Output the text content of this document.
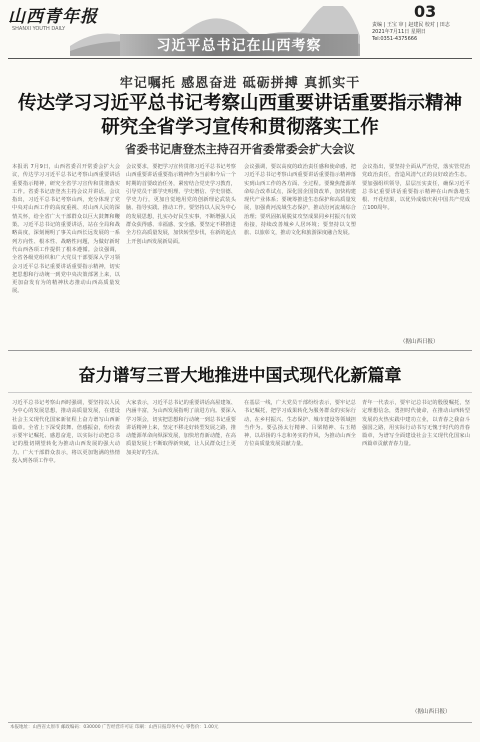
山西青年报
SHANXI YOUTH DAILY
习近平总书记在山西考察
03
责编 | 王宝 审 | 赵建民 校对 | 田志
2021年7月11日 星期日
Tel:0351-4375666
牢记嘱托 感恩奋进 砥砺拼搏 真抓实干
传达学习习近平总书记考察山西重要讲话重要指示精神
研究全省学习宣传和贯彻落实工作
省委书记唐登杰主持召开省委常委会扩大会议
本报讯 7月9日，山西省委召开常委会扩大会议，传达学习习近平总书记考察山西重要讲话重要指示精神，研究全省学习宣传和贯彻落实工作。省委书记唐登杰主持会议并讲话。会议指出，习近平总书记考察山西，充分体现了党中央对山西工作的高度重视、对山西人民的深情关怀，给全省广大干部群众以巨大鼓舞和鞭策。习近平总书记的重要讲话，站在全局和战略高度，深刻阐明了事关山西长远发展的一系列方向性、根本性、战略性问题，为做好新时代山西各项工作提供了根本遵循。会议强调，全省各级党组织和广大党员干部要深入学习领会习近平总书记重要讲话重要指示精神，切实把思想和行动统一到党中央决策部署上来，以更加奋发有为的精神状态推动山西高质量发展。
会议要求，要把学习宣传贯彻习近平总书记考察山西重要讲话重要指示精神作为当前和今后一个时期的首要政治任务，紧密结合党史学习教育，引导党员干部学史明理、学史增信、学史崇德、学史力行，更加自觉地用党的创新理论武装头脑、指导实践、推动工作。要坚持以人民为中心的发展思想，扎实办好民生实事，不断增强人民群众获得感、幸福感、安全感。要坚定不移推进全方位高质量发展，加快转型步伐，在新的起点上开创山西发展新局面。
会议强调，要以高度的政治责任感和使命感，把习近平总书记考察山西重要讲话重要指示精神落实到山西工作的各方面、全过程。要聚焦能源革命综合改革试点，深化国企国资改革，加快构建现代产业体系；要统筹推进生态保护和高质量发展，加强黄河流域生态保护，推动汾河流域综合治理；要巩固拓展脱贫攻坚成果同乡村振兴有效衔接，持续改善城乡人居环境；要坚持以文塑旅、以旅彰文，推动文化和旅游深度融合发展。
会议指出，要坚持全面从严治党，落实管党治党政治责任，营造风清气正的良好政治生态。要加强组织领导，层层压实责任，确保习近平总书记重要讲话重要指示精神在山西落地生根、开花结果，以优异成绩庆祝中国共产党成立100周年。
（据山西日报）
奋力谱写三晋大地推进中国式现代化新篇章
习近平总书记考察山西时强调，要坚持以人民为中心的发展思想，推动高质量发展，在建设社会主义现代化国家新征程上奋力谱写山西新篇章。全省上下深受鼓舞、倍感振奋，纷纷表示要牢记嘱托、感恩奋进，以实际行动把总书记的殷切期望转化为推动山西发展的强大动力。广大干部群众表示，将以更加饱满的热情投入到各项工作中。
大家表示，习近平总书记的重要讲话高屋建瓴、内涵丰富，为山西发展指明了前进方向。要深入学习领会，切实把思想和行动统一到总书记重要讲话精神上来，坚定不移走好转型发展之路，推动能源革命向纵深发展，加快培育新动能，在高质量发展上不断取得新突破，让人民群众过上更加美好的生活。
在基层一线，广大党员干部纷纷表示，要牢记总书记嘱托，把学习成果转化为服务群众的实际行动，在乡村振兴、生态保护、城市建设等领域担当作为。要弘扬太行精神、吕梁精神、右玉精神，以昂扬的斗志和务实的作风，为推动山西全方位高质量发展贡献力量。
青年一代表示，要牢记总书记的殷殷嘱托，坚定理想信念，勇担时代使命，在推动山西转型发展的火热实践中建功立业，以青春之我奋斗强国之路，用实际行动书写无愧于时代的青春篇章，为谱写全面建设社会主义现代化国家山西篇章贡献青春力量。
（据山西日报）
本报地址：山西省太原市 邮政编码：030000 广告经营许可证 印刷：山西日报印务中心 零售价：1.00元
